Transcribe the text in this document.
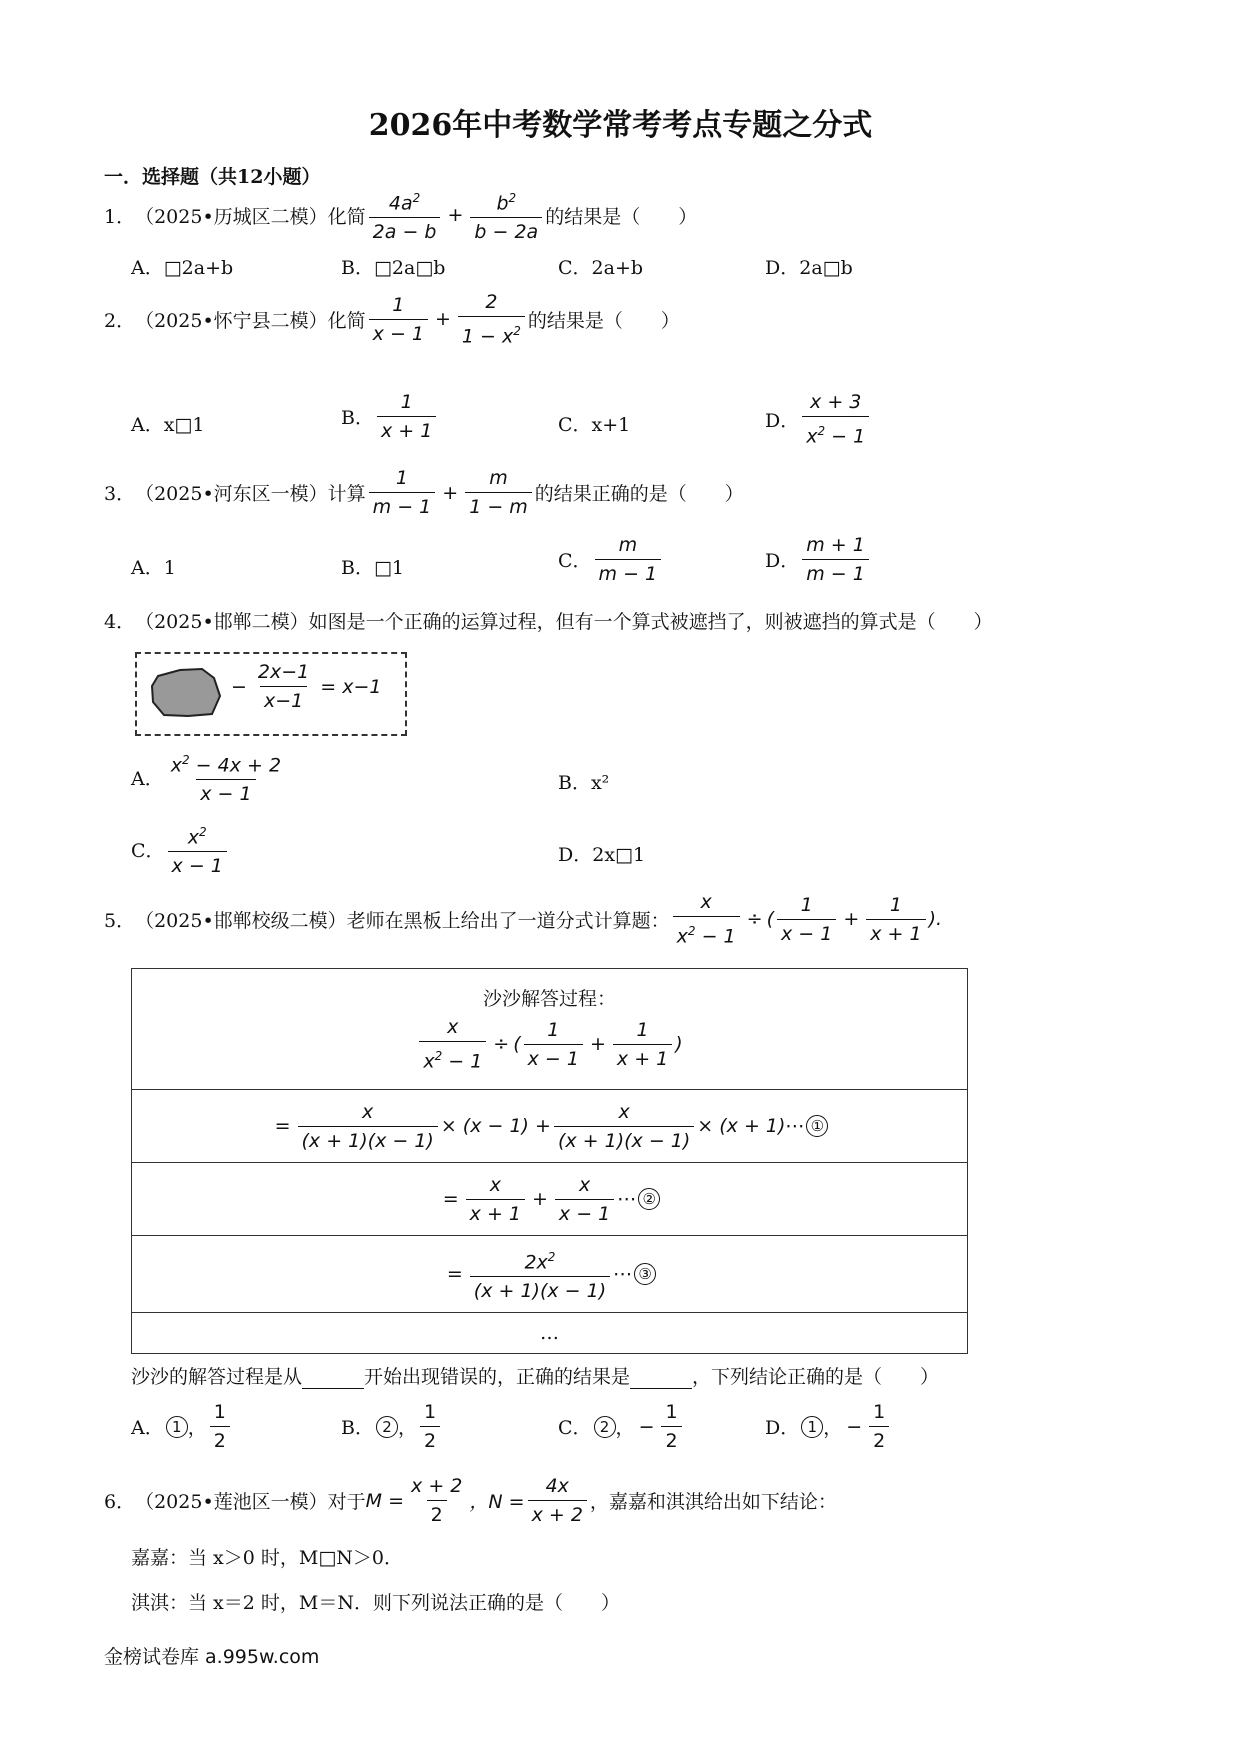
2026年中考数学常考考点专题之分式
一．选择题（共12小题）
1． （2025•历城区二模）化简 $\frac{4a^2}{2a - b} + \frac{b^2}{b - 2a}$ 的结果是（　　）
A．□2a+b	B．□2a□b	C．2a+b	D．2a□b
2． （2025•怀宁县二模）化简 $\frac{1}{x - 1} + \frac{2}{1 - x^2}$ 的结果是（　　）
A．x□1	B． $\frac{1}{x + 1}$	C．x+1	D． $\frac{x + 3}{x^2 - 1}$
3． （2025•河东区一模）计算 $\frac{1}{m - 1} + \frac{m}{1 - m}$ 的结果正确的是（　　）
A．1	B．□1	C． $\frac{m}{m - 1}$	D． $\frac{m + 1}{m - 1}$
4． （2025•邯郸二模）如图是一个正确的运算过程，但有一个算式被遮挡了，则被遮挡的算式是（　　）
− $\frac{2x-1}{x-1} = x-1$
A． $\frac{x^2 - 4x + 2}{x - 1}$	B．x²
C． $\frac{x^2}{x - 1}$	D．2x□1
5． （2025•邯郸校级二模）老师在黑板上给出了一道分式计算题： $\frac{x}{x^2 - 1}$ ÷ ( $\frac{1}{x - 1} + \frac{1}{x + 1}$ ).
沙沙解答过程：
$\frac{x}{x^2 - 1}$ ÷ ( $\frac{1}{x - 1} + \frac{1}{x + 1}$ )

= $\frac{x}{(x + 1)(x - 1)} \times (x - 1) + \frac{x}{(x + 1)(x - 1)} \times (x$ + 1)⋯ ①

= $\frac{x}{x + 1} + \frac{x}{x - 1}$ ⋯ ②

= $\frac{2x^2}{(x + 1)(x - 1)}$ ⋯ ③

…
沙沙的解答过程是从	开始出现错误的，正确的结果是	，下列结论正确的是（　　）
A． 1 ， $\frac{1}{2}$	B． 2 ， $\frac{1}{2}$	C． 2 ， − $\frac{1}{2}$	D． 1 ， − $\frac{1}{2}$
6． （2025•莲池区一模）对于 $M = \frac{x + 2}{2}$ ，$N = \frac{4x}{x + 2}$ ，嘉嘉和淇淇给出如下结论：
嘉嘉：当 x＞0 时，M□N＞0．
淇淇：当 x＝2 时，M＝N．则下列说法正确的是（　　）
金榜试卷库 a.995w.com
